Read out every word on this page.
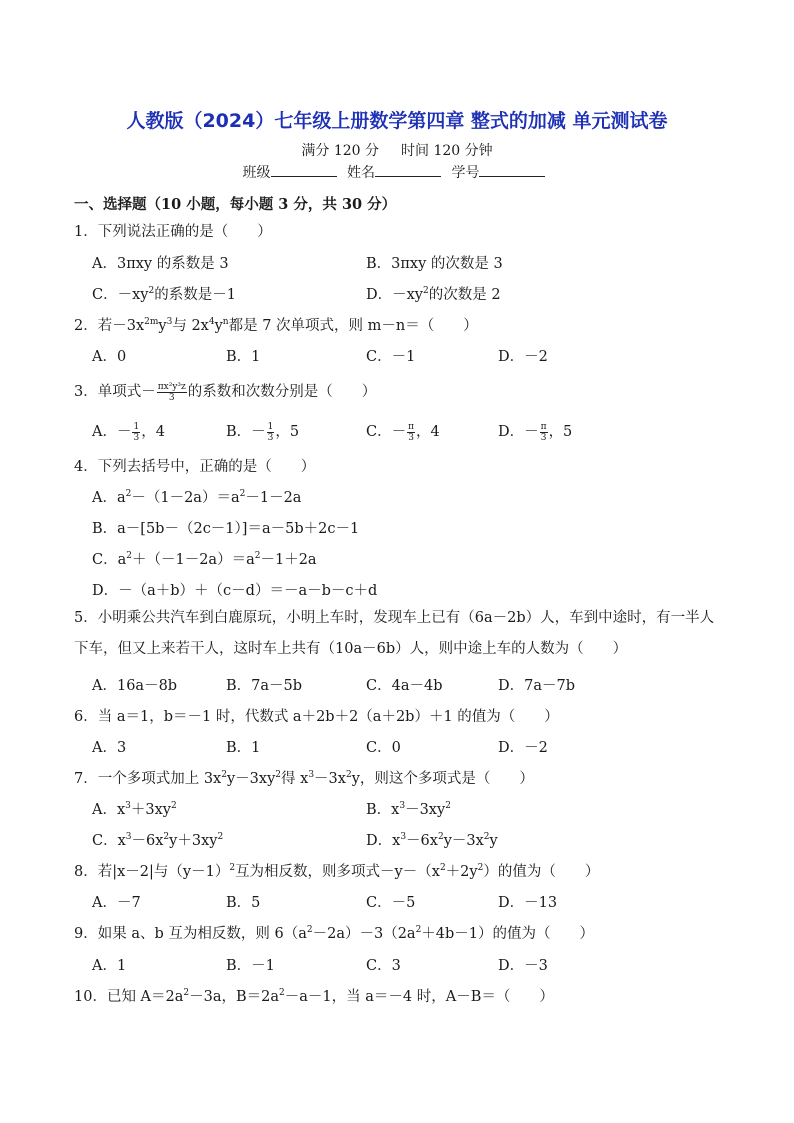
人教版（2024）七年级上册数学第四章 整式的加减 单元测试卷
满分 120 分 时间 120 分钟
班级	姓名	学号
一、选择题（10 小题，每小题 3 分，共 30 分）
1．下列说法正确的是（　　）
A．3πxy 的系数是 3	B．3πxy 的次数是 3
C．$-xy^2$的系数是－1	D．$-xy^2$的次数是 2
2．若$-3x^{2m}y^3$与 $2x^4y^n$都是 7 次单项式，则 m－n＝（　　）
A．0	B．1	C．－1	D．－2
3．单项式－ $\frac{\text{πx²y³z}}{3}$ 的系数和次数分别是（　　）
A．－ $\frac{1}{3}$ ，4	B．－ $\frac{1}{3}$ ，5	C．－ $\frac{\pi}{3}$ ，4	D．－ $\frac{\pi}{3}$ ，5
4．下列去括号中，正确的是（　　）
A．$a^2-(1-2a)=a^2-1-2a$
B．a－[5b－（2c－1）]＝a－5b＋2c－1
C．$a^2+(-1-2a)=a^2-1+2a$
D．－（a＋b）＋（c－d）＝－a－b－c＋d
5．小明乘公共汽车到白鹿原玩，小明上车时，发现车上已有（6a－2b）人，车到中途时，有一半人下车，但又上来若干人，这时车上共有（10a－6b）人，则中途上车的人数为（　　）
A．16a－8b	B．7a－5b	C．4a－4b	D．7a－7b
6．当 a＝1，b＝－1 时，代数式 a＋2b＋2（a＋2b）＋1 的值为（　　）
A．3	B．1	C．0	D．－2
7．一个多项式加上 $3x^2y-3xy^2$得 $x^3-3x^2y$，则这个多项式是（　　）
A．$x^3+3xy^2$	B．$x^3-3xy^2$
C．$x^3-6x^2y+3xy^2$	D．$x^3-6x^2y-3x^2y$
8．若|x－2|与$(y-1)^2$互为相反数，则多项式$-y-(x^2+2y^2)$的值为（　　）
A．－7	B．5	C．－5	D．－13
9．如果 a、b 互为相反数，则 $6(a^2-2a)-3(2a^2+4b-1)$的值为（　　）
A．1	B．－1	C．3	D．－3
10．已知 $A=2a^2-3a$，$B=2a^2-a-1$，当 a＝－4 时，A－B＝（　　）
